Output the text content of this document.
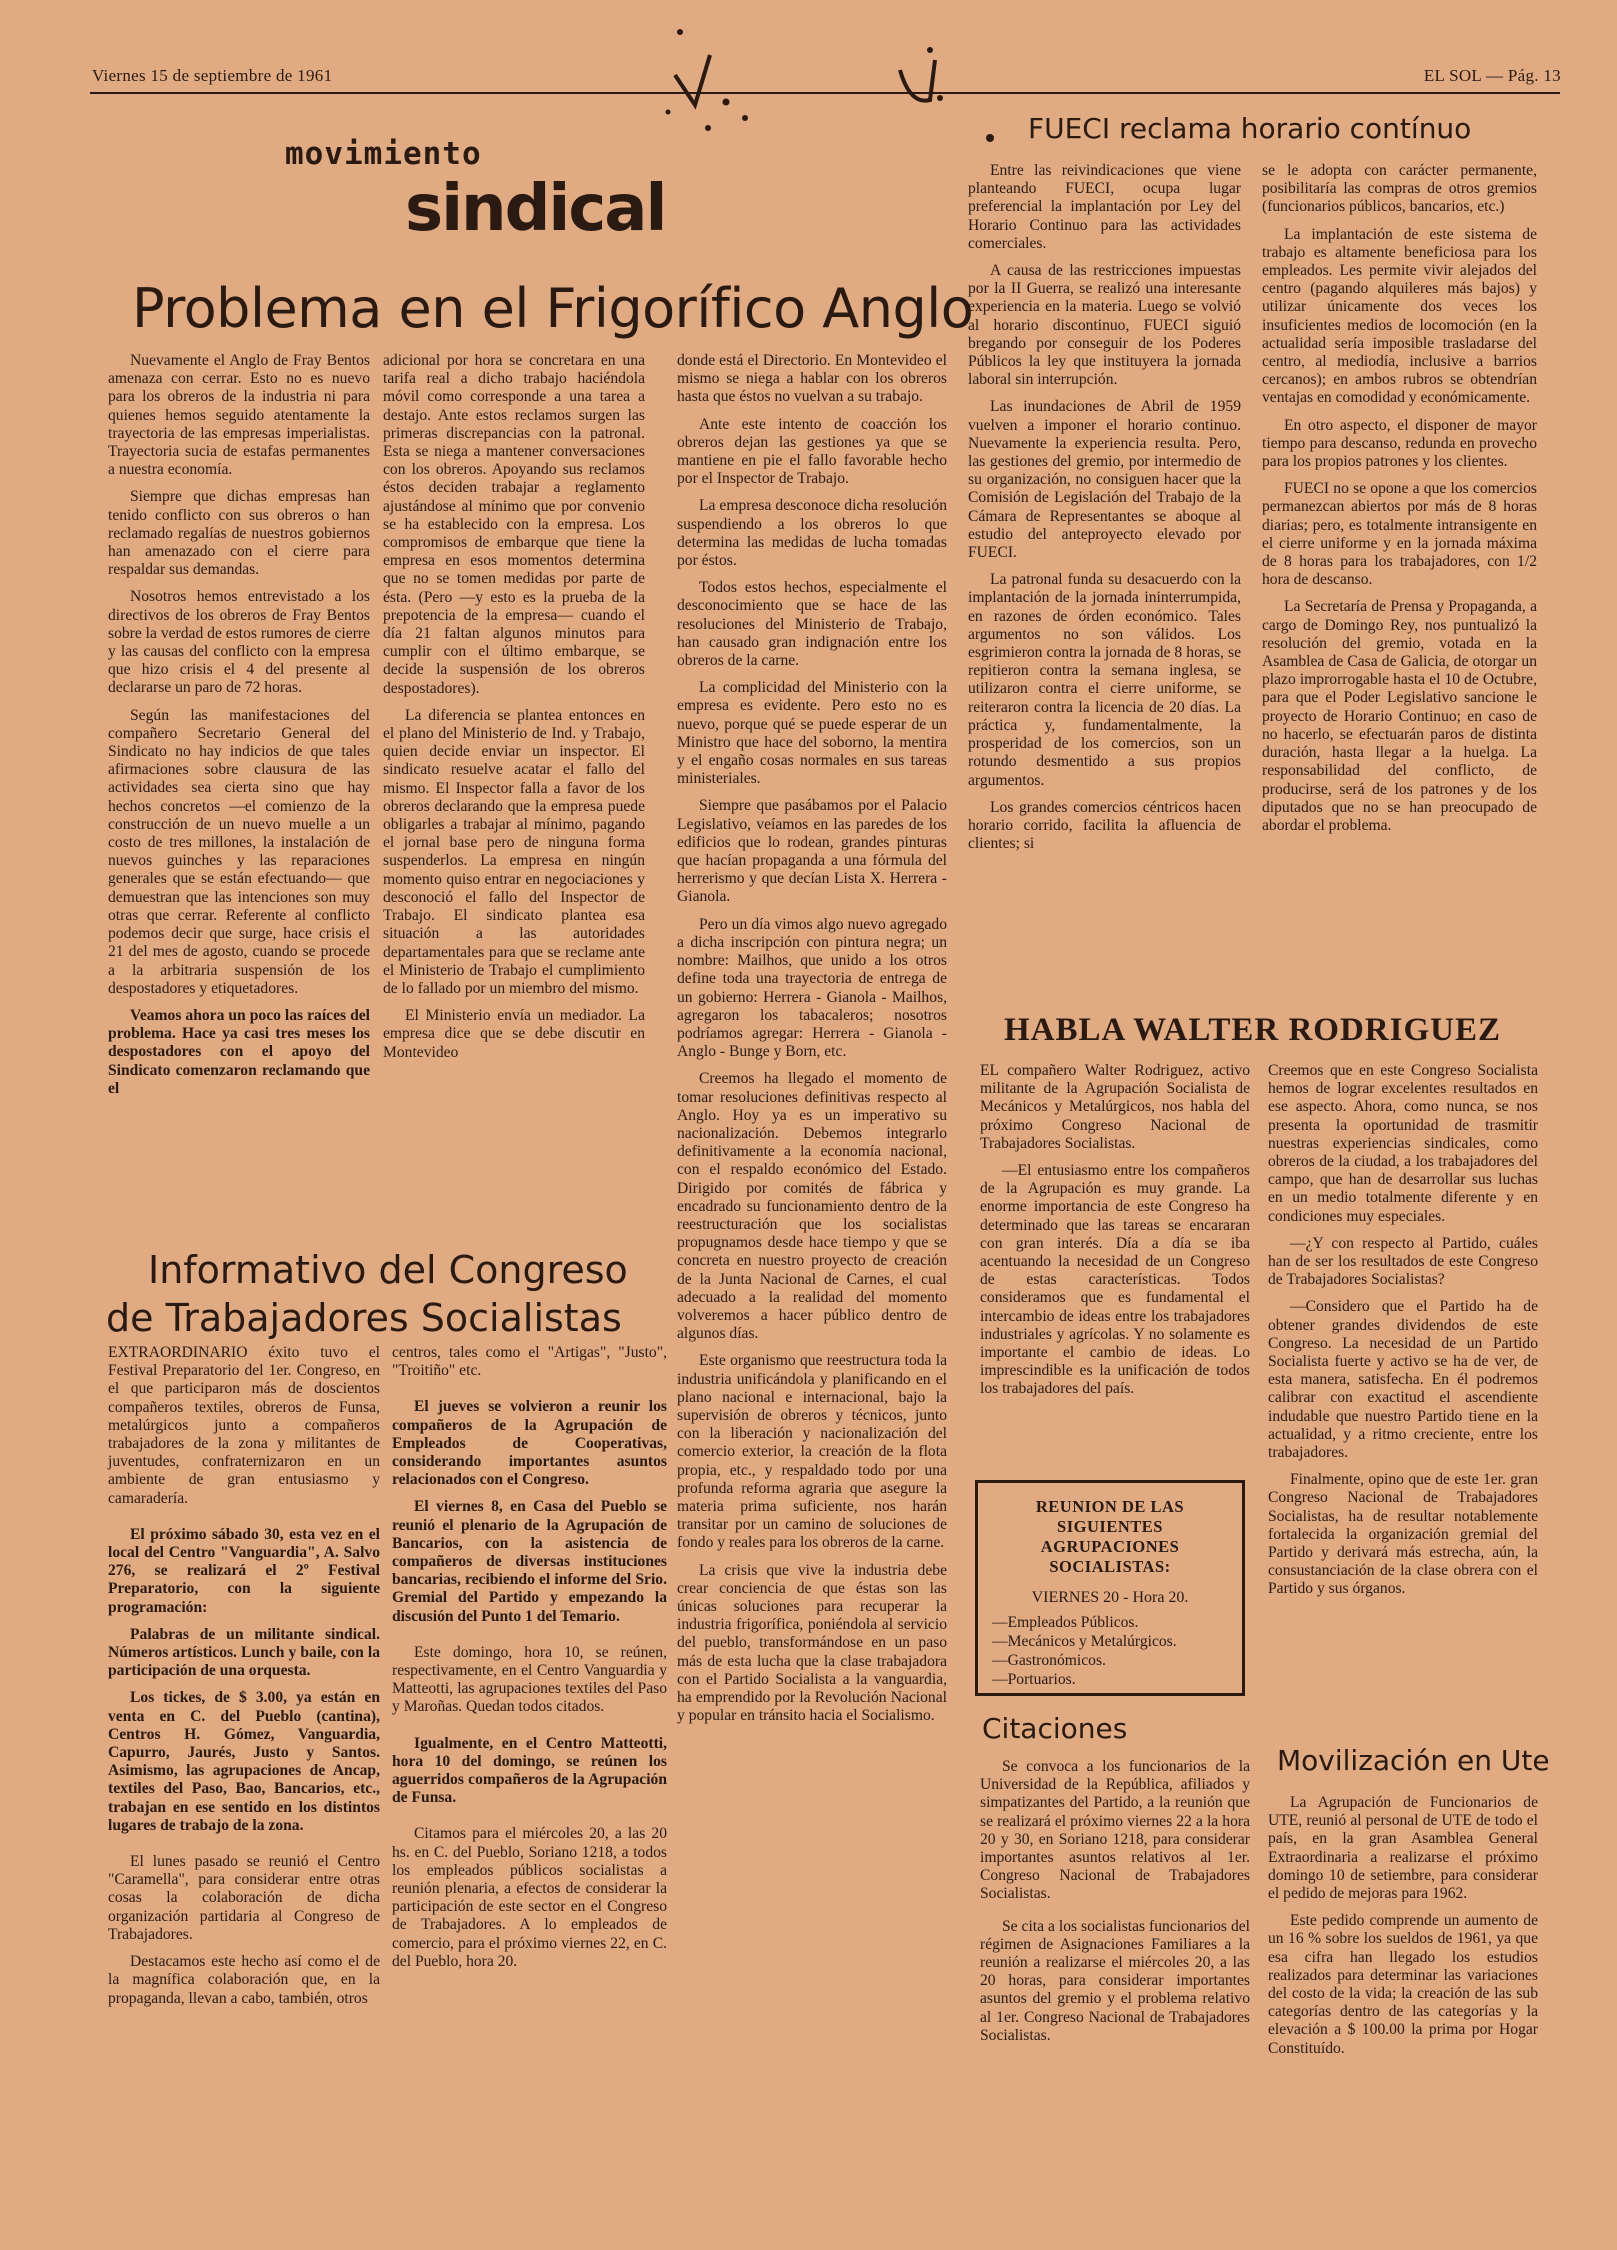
Viernes 15 de septiembre de 1961	EL SOL — Pág. 13
movimiento
sindical
Problema en el Frigorífico Anglo

Nuevamente el Anglo de Fray Bentos amenaza con cerrar. Esto no es nuevo para los obreros de la industria ni para quienes hemos seguido atentamente la trayectoria de las empresas imperialistas. Trayectoria sucia de estafas permanentes a nuestra economía.

Siempre que dichas empresas han tenido conflicto con sus obreros o han reclamado regalías de nuestros gobiernos han amenazado con el cierre para respaldar sus demandas.

Nosotros hemos entrevistado a los directivos de los obreros de Fray Bentos sobre la verdad de estos rumores de cierre y las causas del conflicto con la empresa que hizo crisis el 4 del presente al declararse un paro de 72 horas.

Según las manifestaciones del compañero Secretario General del Sindicato no hay indicios de que tales afirmaciones sobre clausura de las actividades sea cierta sino que hay hechos concretos —el comienzo de la construcción de un nuevo muelle a un costo de tres millones, la instalación de nuevos guinches y las reparaciones generales que se están efectuando— que demuestran que las intenciones son muy otras que cerrar. Referente al conflicto podemos decir que surge, hace crisis el 21 del mes de agosto, cuando se procede a la arbitraria suspensión de los despostadores y etiquetadores.

Veamos ahora un poco las raíces del problema. Hace ya casi tres meses los despostadores con el apoyo del Sindicato comenzaron reclamando que el

adicional por hora se concretara en una tarifa real a dicho trabajo haciéndola móvil como corresponde a una tarea a destajo. Ante estos reclamos surgen las primeras discrepancias con la patronal. Esta se niega a mantener conversaciones con los obreros. Apoyando sus reclamos éstos deciden trabajar a reglamento ajustándose al mínimo que por convenio se ha establecido con la empresa. Los compromisos de embarque que tiene la empresa en esos momentos determina que no se tomen medidas por parte de ésta. (Pero —y esto es la prueba de la prepotencia de la empresa— cuando el día 21 faltan algunos minutos para cumplir con el último embarque, se decide la suspensión de los obreros despostadores).

La diferencia se plantea entonces en el plano del Ministerio de Ind. y Trabajo, quien decide enviar un inspector. El sindicato resuelve acatar el fallo del mismo. El Inspector falla a favor de los obreros declarando que la empresa puede obligarles a trabajar al mínimo, pagando el jornal base pero de ninguna forma suspenderlos. La empresa en ningún momento quiso entrar en negociaciones y desconoció el fallo del Inspector de Trabajo. El sindicato plantea esa situación a las autoridades departamentales para que se reclame ante el Ministerio de Trabajo el cumplimiento de lo fallado por un miembro del mismo.

El Ministerio envía un mediador. La empresa dice que se debe discutir en Montevideo

donde está el Directorio. En Montevideo el mismo se niega a hablar con los obreros hasta que éstos no vuelvan a su trabajo.

Ante este intento de coacción los obreros dejan las gestiones ya que se mantiene en pie el fallo favorable hecho por el Inspector de Trabajo.

La empresa desconoce dicha resolución suspendiendo a los obreros lo que determina las medidas de lucha tomadas por éstos.

Todos estos hechos, especialmente el desconocimiento que se hace de las resoluciones del Ministerio de Trabajo, han causado gran indignación entre los obreros de la carne.

La complicidad del Ministerio con la empresa es evidente. Pero esto no es nuevo, porque qué se puede esperar de un Ministro que hace del soborno, la mentira y el engaño cosas normales en sus tareas ministeriales.

Siempre que pasábamos por el Palacio Legislativo, veíamos en las paredes de los edificios que lo rodean, grandes pinturas que hacían propaganda a una fórmula del herrerismo y que decían Lista X. Herrera - Gianola.

Pero un día vimos algo nuevo agregado a dicha inscripción con pintura negra; un nombre: Mailhos, que unido a los otros define toda una trayectoria de entrega de un gobierno: Herrera - Gianola - Mailhos, agregaron los tabacaleros; nosotros podríamos agregar: Herrera - Gianola - Anglo - Bunge y Born, etc.

Creemos ha llegado el momento de tomar resoluciones definitivas respecto al Anglo. Hoy ya es un imperativo su nacionalización. Debemos integrarlo definitivamente a la economía nacional, con el respaldo económico del Estado. Dirigido por comités de fábrica y encadrado su funcionamiento dentro de la reestructuración que los socialistas propugnamos desde hace tiempo y que se concreta en nuestro proyecto de creación de la Junta Nacional de Carnes, el cual adecuado a la realidad del momento volveremos a hacer público dentro de algunos días.

Este organismo que reestructura toda la industria unificándola y planificando en el plano nacional e internacional, bajo la supervisión de obreros y técnicos, junto con la liberación y nacionalización del comercio exterior, la creación de la flota propia, etc., y respaldado todo por una profunda reforma agraria que asegure la materia prima suficiente, nos harán transitar por un camino de soluciones de fondo y reales para los obreros de la carne.

La crisis que vive la industria debe crear conciencia de que éstas son las únicas soluciones para recuperar la industria frigorífica, poniéndola al servicio del pueblo, transformándose en un paso más de esta lucha que la clase trabajadora con el Partido Socialista a la vanguardia, ha emprendido por la Revolución Nacional y popular en tránsito hacia el Socialismo.

Informativo del Congreso
de Trabajadores Socialistas

EXTRAORDINARIO éxito tuvo el Festival Preparatorio del 1er. Congreso, en el que participaron más de doscientos compañeros textiles, obreros de Funsa, metalúrgicos junto a compañeros trabajadores de la zona y militantes de juventudes, confraternizaron en un ambiente de gran entusiasmo y camaradería.

El próximo sábado 30, esta vez en el local del Centro "Vanguardia", A. Salvo 276, se realizará el 2º Festival Preparatorio, con la siguiente programación:

Palabras de un militante sindical. Números artísticos. Lunch y baile, con la participación de una orquesta.

Los tickes, de $ 3.00, ya están en venta en C. del Pueblo (cantina), Centros H. Gómez, Vanguardia, Capurro, Jaurés, Justo y Santos. Asimismo, las agrupaciones de Ancap, textiles del Paso, Bao, Bancarios, etc., trabajan en ese sentido en los distintos lugares de trabajo de la zona.

El lunes pasado se reunió el Centro "Caramella", para considerar entre otras cosas la colaboración de dicha organización partidaria al Congreso de Trabajadores.

Destacamos este hecho así como el de la magnífica colaboración que, en la propaganda, llevan a cabo, también, otros

centros, tales como el "Artigas", "Justo", "Troitiño" etc.

El jueves se volvieron a reunir los compañeros de la Agrupación de Empleados de Cooperativas, considerando importantes asuntos relacionados con el Congreso.

El viernes 8, en Casa del Pueblo se reunió el plenario de la Agrupación de Bancarios, con la asistencia de compañeros de diversas instituciones bancarias, recibiendo el informe del Srio. Gremial del Partido y empezando la discusión del Punto 1 del Temario.

Este domingo, hora 10, se reúnen, respectivamente, en el Centro Vanguardia y Matteotti, las agrupaciones textiles del Paso y Maroñas. Quedan todos citados.

Igualmente, en el Centro Matteotti, hora 10 del domingo, se reúnen los aguerridos compañeros de la Agrupación de Funsa.

Citamos para el miércoles 20, a las 20 hs. en C. del Pueblo, Soriano 1218, a todos los empleados públicos socialistas a reunión plenaria, a efectos de considerar la participación de este sector en el Congreso de Trabajadores. A lo empleados de comercio, para el próximo viernes 22, en C. del Pueblo, hora 20.

FUECI reclama horario contínuo

Entre las reivindicaciones que viene planteando FUECI, ocupa lugar preferencial la implantación por Ley del Horario Continuo para las actividades comerciales.

A causa de las restricciones impuestas por la II Guerra, se realizó una interesante experiencia en la materia. Luego se volvió al horario discontinuo, FUECI siguió bregando por conseguir de los Poderes Públicos la ley que instituyera la jornada laboral sin interrupción.

Las inundaciones de Abril de 1959 vuelven a imponer el horario continuo. Nuevamente la experiencia resulta. Pero, las gestiones del gremio, por intermedio de su organización, no consiguen hacer que la Comisión de Legislación del Trabajo de la Cámara de Representantes se aboque al estudio del anteproyecto elevado por FUECI.

La patronal funda su desacuerdo con la implantación de la jornada ininterrumpida, en razones de órden económico. Tales argumentos no son válidos. Los esgrimieron contra la jornada de 8 horas, se repitieron contra la semana inglesa, se utilizaron contra el cierre uniforme, se reiteraron contra la licencia de 20 días. La práctica y, fundamentalmente, la prosperidad de los comercios, son un rotundo desmentido a sus propios argumentos.

Los grandes comercios céntricos hacen horario corrido, facilita la afluencia de clientes; si

se le adopta con carácter permanente, posibilitaría las compras de otros gremios (funcionarios públicos, bancarios, etc.)

La implantación de este sistema de trabajo es altamente beneficiosa para los empleados. Les permite vivir alejados del centro (pagando alquileres más bajos) y utilizar únicamente dos veces los insuficientes medios de locomoción (en la actualidad sería imposible trasladarse del centro, al mediodía, inclusive a barrios cercanos); en ambos rubros se obtendrían ventajas en comodidad y económicamente.

En otro aspecto, el disponer de mayor tiempo para descanso, redunda en provecho para los propios patrones y los clientes.

FUECI no se opone a que los comercios permanezcan abiertos por más de 8 horas diarias; pero, es totalmente intransigente en el cierre uniforme y en la jornada máxima de 8 horas para los trabajadores, con 1/2 hora de descanso.

La Secretaría de Prensa y Propaganda, a cargo de Domingo Rey, nos puntualizó la resolución del gremio, votada en la Asamblea de Casa de Galicia, de otorgar un plazo improrrogable hasta el 10 de Octubre, para que el Poder Legislativo sancione le proyecto de Horario Continuo; en caso de no hacerlo, se efectuarán paros de distinta duración, hasta llegar a la huelga. La responsabilidad del conflicto, de producirse, será de los patrones y de los diputados que no se han preocupado de abordar el problema.

HABLA WALTER RODRIGUEZ

EL compañero Walter Rodriguez, activo militante de la Agrupación Socialista de Mecánicos y Metalúrgicos, nos habla del próximo Congreso Nacional de Trabajadores Socialistas.

—El entusiasmo entre los compañeros de la Agrupación es muy grande. La enorme importancia de este Congreso ha determinado que las tareas se encararan con gran interés. Día a día se iba acentuando la necesidad de un Congreso de estas características. Todos consideramos que es fundamental el intercambio de ideas entre los trabajadores industriales y agrícolas. Y no solamente es importante el cambio de ideas. Lo imprescindible es la unificación de todos los trabajadores del país.

Creemos que en este Congreso Socialista hemos de lograr excelentes resultados en ese aspecto. Ahora, como nunca, se nos presenta la oportunidad de trasmitir nuestras experiencias sindicales, como obreros de la ciudad, a los trabajadores del campo, que han de desarrollar sus luchas en un medio totalmente diferente y en condiciones muy especiales.

—¿Y con respecto al Partido, cuáles han de ser los resultados de este Congreso de Trabajadores Socialistas?

—Considero que el Partido ha de obtener grandes dividendos de este Congreso. La necesidad de un Partido Socialista fuerte y activo se ha de ver, de esta manera, satisfecha. En él podremos calibrar con exactitud el ascendiente indudable que nuestro Partido tiene en la actualidad, y a ritmo creciente, entre los trabajadores.

Finalmente, opino que de este 1er. gran Congreso Nacional de Trabajadores Socialistas, ha de resultar notablemente fortalecida la organización gremial del Partido y derivará más estrecha, aún, la consustanciación de la clase obrera con el Partido y sus órganos.

REUNION DE LAS SIGUIENTES AGRUPACIONES SOCIALISTAS:
VIERNES 20 - Hora 20.
—Empleados Públicos.
—Mecánicos y Metalúrgicos.
—Gastronómicos.
—Portuarios.
Citaciones

Se convoca a los funcionarios de la Universidad de la República, afiliados y simpatizantes del Partido, a la reunión que se realizará el próximo viernes 22 a la hora 20 y 30, en Soriano 1218, para considerar importantes asuntos relativos al 1er. Congreso Nacional de Trabajadores Socialistas.

Se cita a los socialistas funcionarios del régimen de Asignaciones Familiares a la reunión a realizarse el miércoles 20, a las 20 horas, para considerar importantes asuntos del gremio y el problema relativo al 1er. Congreso Nacional de Trabajadores Socialistas.

Movilización en Ute

La Agrupación de Funcionarios de UTE, reunió al personal de UTE de todo el país, en la gran Asamblea General Extraordinaria a realizarse el próximo domingo 10 de setiembre, para considerar el pedido de mejoras para 1962.

Este pedido comprende un aumento de un 16 % sobre los sueldos de 1961, ya que esa cifra han llegado los estudios realizados para determinar las variaciones del costo de la vida; la creación de las sub categorías dentro de las categorías y la elevación a $ 100.00 la prima por Hogar Constituído.
